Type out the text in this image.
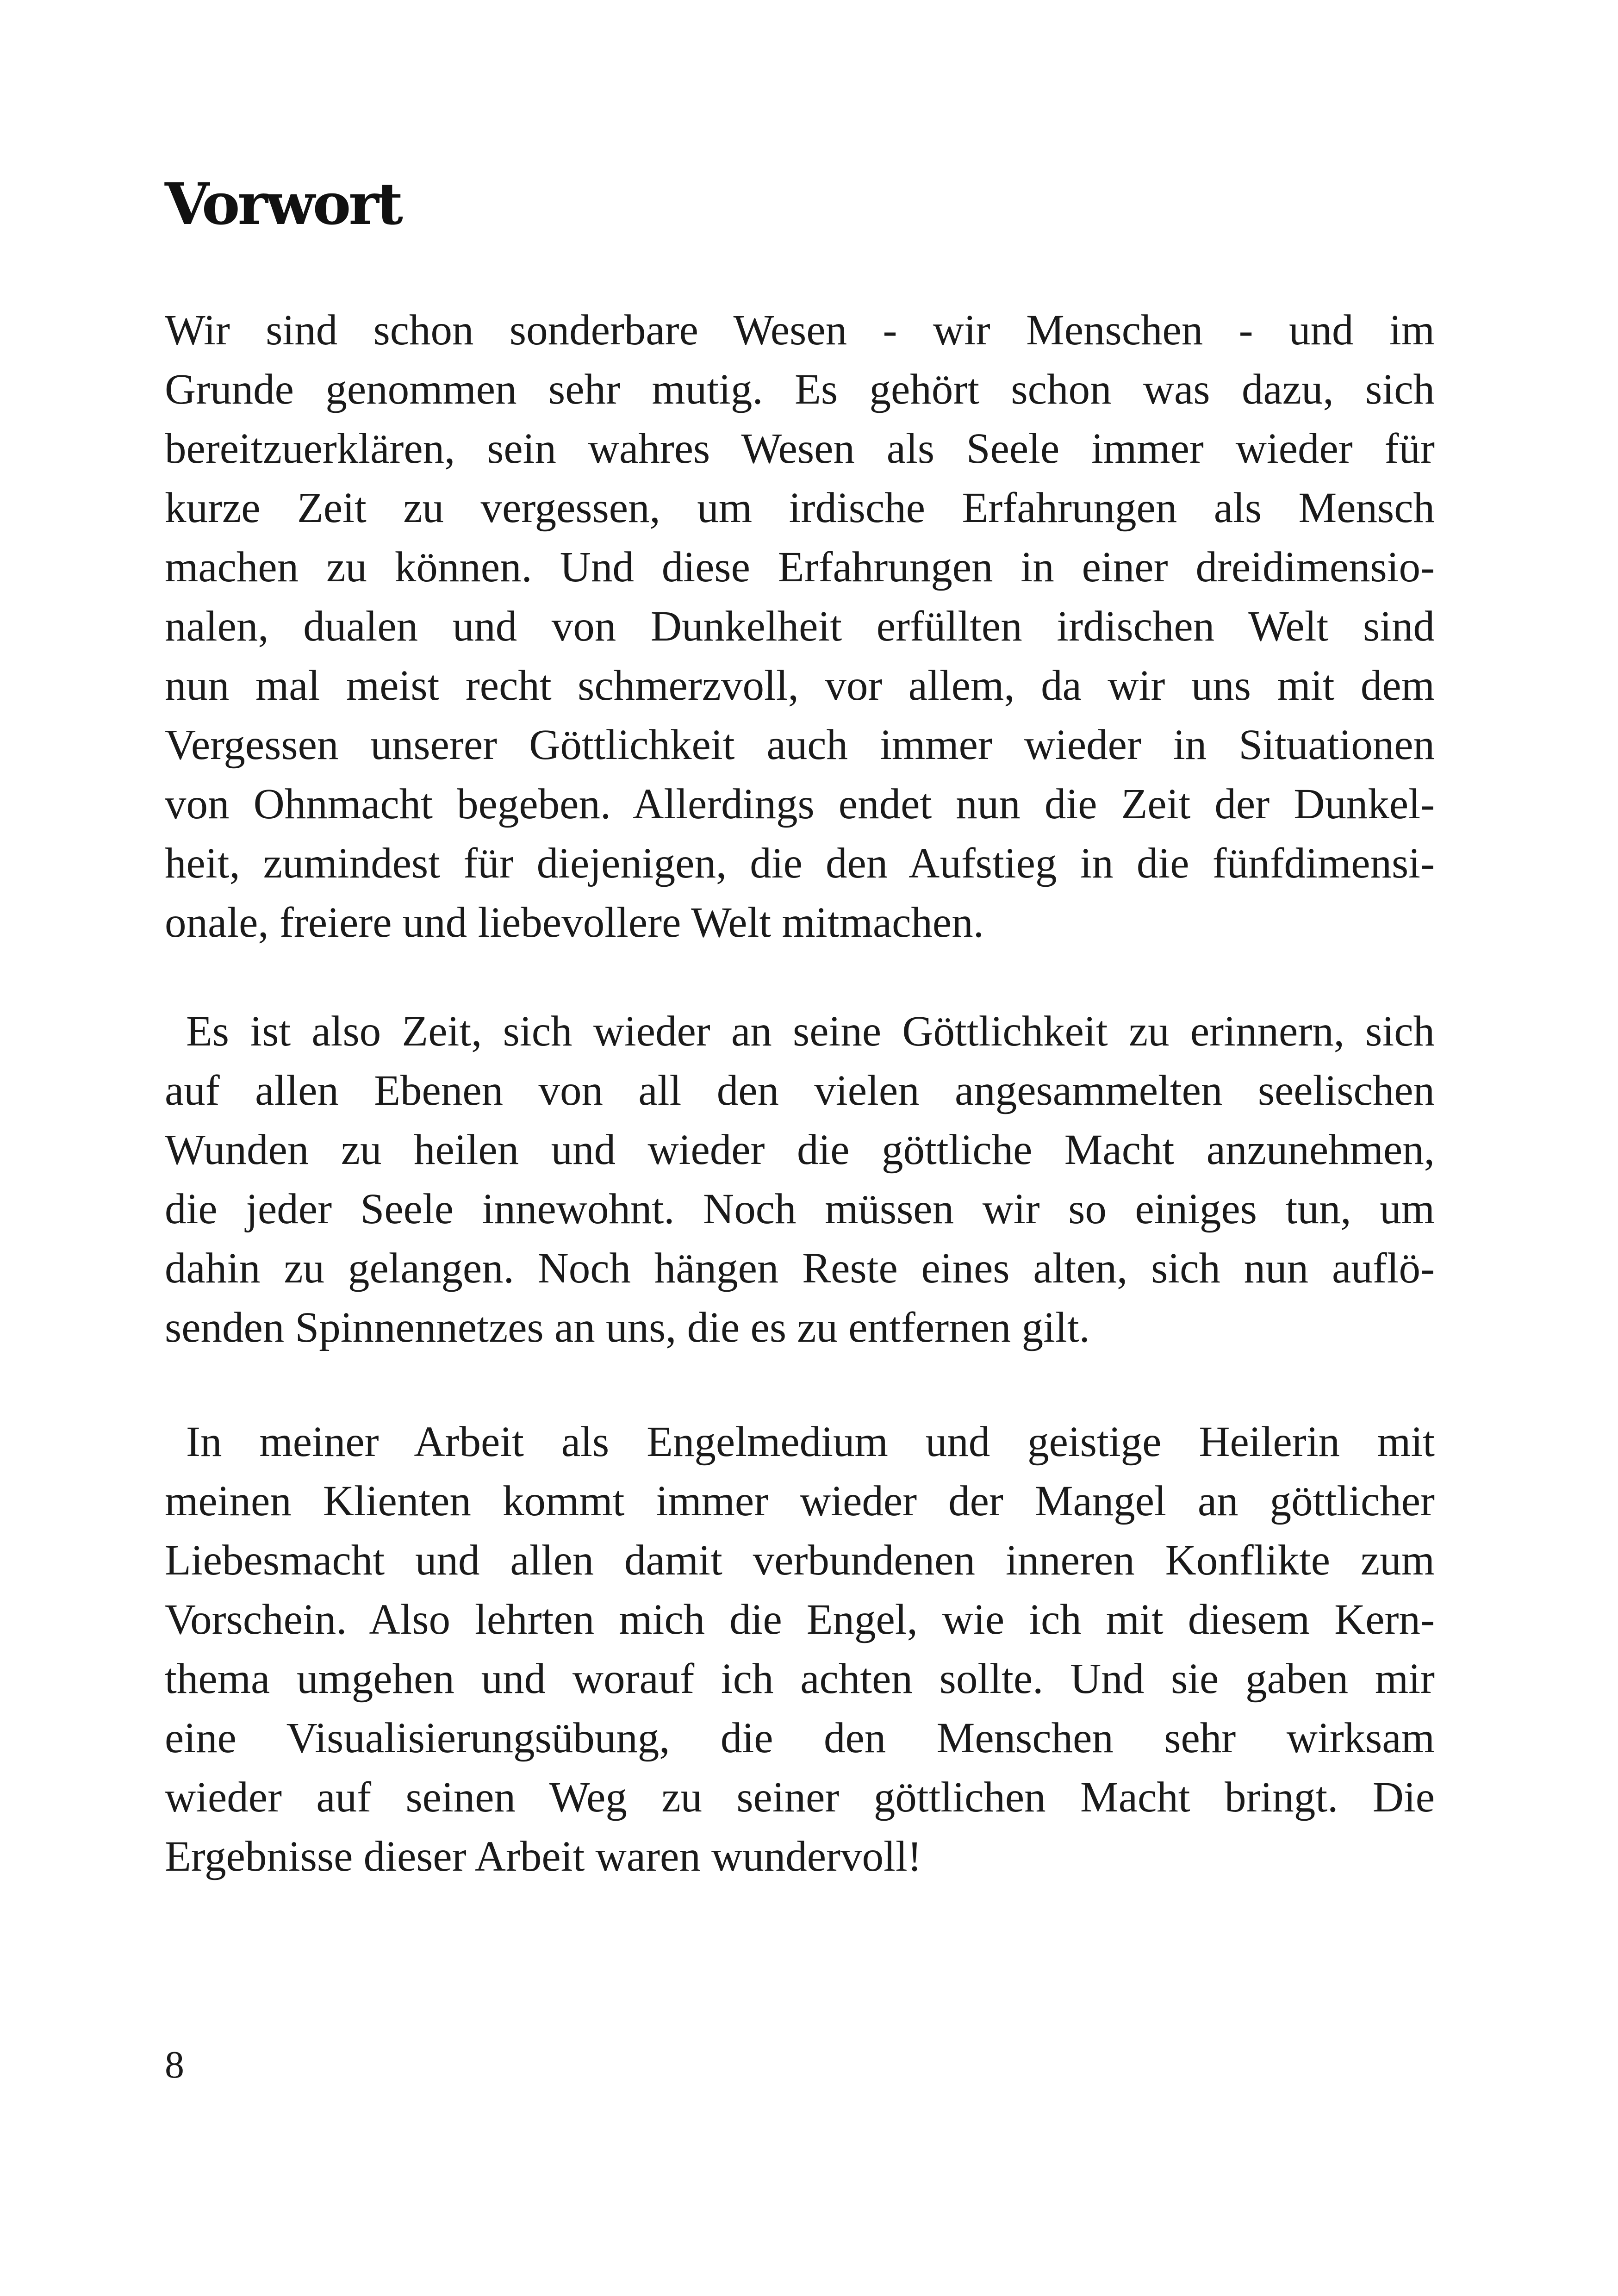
Vorwort
Wir sind schon sonderbare Wesen - wir Menschen - und im
Grunde genommen sehr mutig. Es gehört schon was dazu, sich
bereitzuerklären, sein wahres Wesen als Seele immer wieder für
kurze Zeit zu vergessen, um irdische Erfahrungen als Mensch
machen zu können. Und diese Erfahrungen in einer dreidimensio-
nalen, dualen und von Dunkelheit erfüllten irdischen Welt sind
nun mal meist recht schmerzvoll, vor allem, da wir uns mit dem
Vergessen unserer Göttlichkeit auch immer wieder in Situationen
von Ohnmacht begeben. Allerdings endet nun die Zeit der Dunkel-
heit, zumindest für diejenigen, die den Aufstieg in die fünfdimensi-
onale, freiere und liebevollere Welt mitmachen.
Es ist also Zeit, sich wieder an seine Göttlichkeit zu erinnern, sich
auf allen Ebenen von all den vielen angesammelten seelischen
Wunden zu heilen und wieder die göttliche Macht anzunehmen,
die jeder Seele innewohnt. Noch müssen wir so einiges tun, um
dahin zu gelangen. Noch hängen Reste eines alten, sich nun auflö-
senden Spinnennetzes an uns, die es zu entfernen gilt.
In meiner Arbeit als Engelmedium und geistige Heilerin mit
meinen Klienten kommt immer wieder der Mangel an göttlicher
Liebesmacht und allen damit verbundenen inneren Konflikte zum
Vorschein. Also lehrten mich die Engel, wie ich mit diesem Kern-
thema umgehen und worauf ich achten sollte. Und sie gaben mir
eine Visualisierungsübung, die den Menschen sehr wirksam
wieder auf seinen Weg zu seiner göttlichen Macht bringt. Die
Ergebnisse dieser Arbeit waren wundervoll!
8
